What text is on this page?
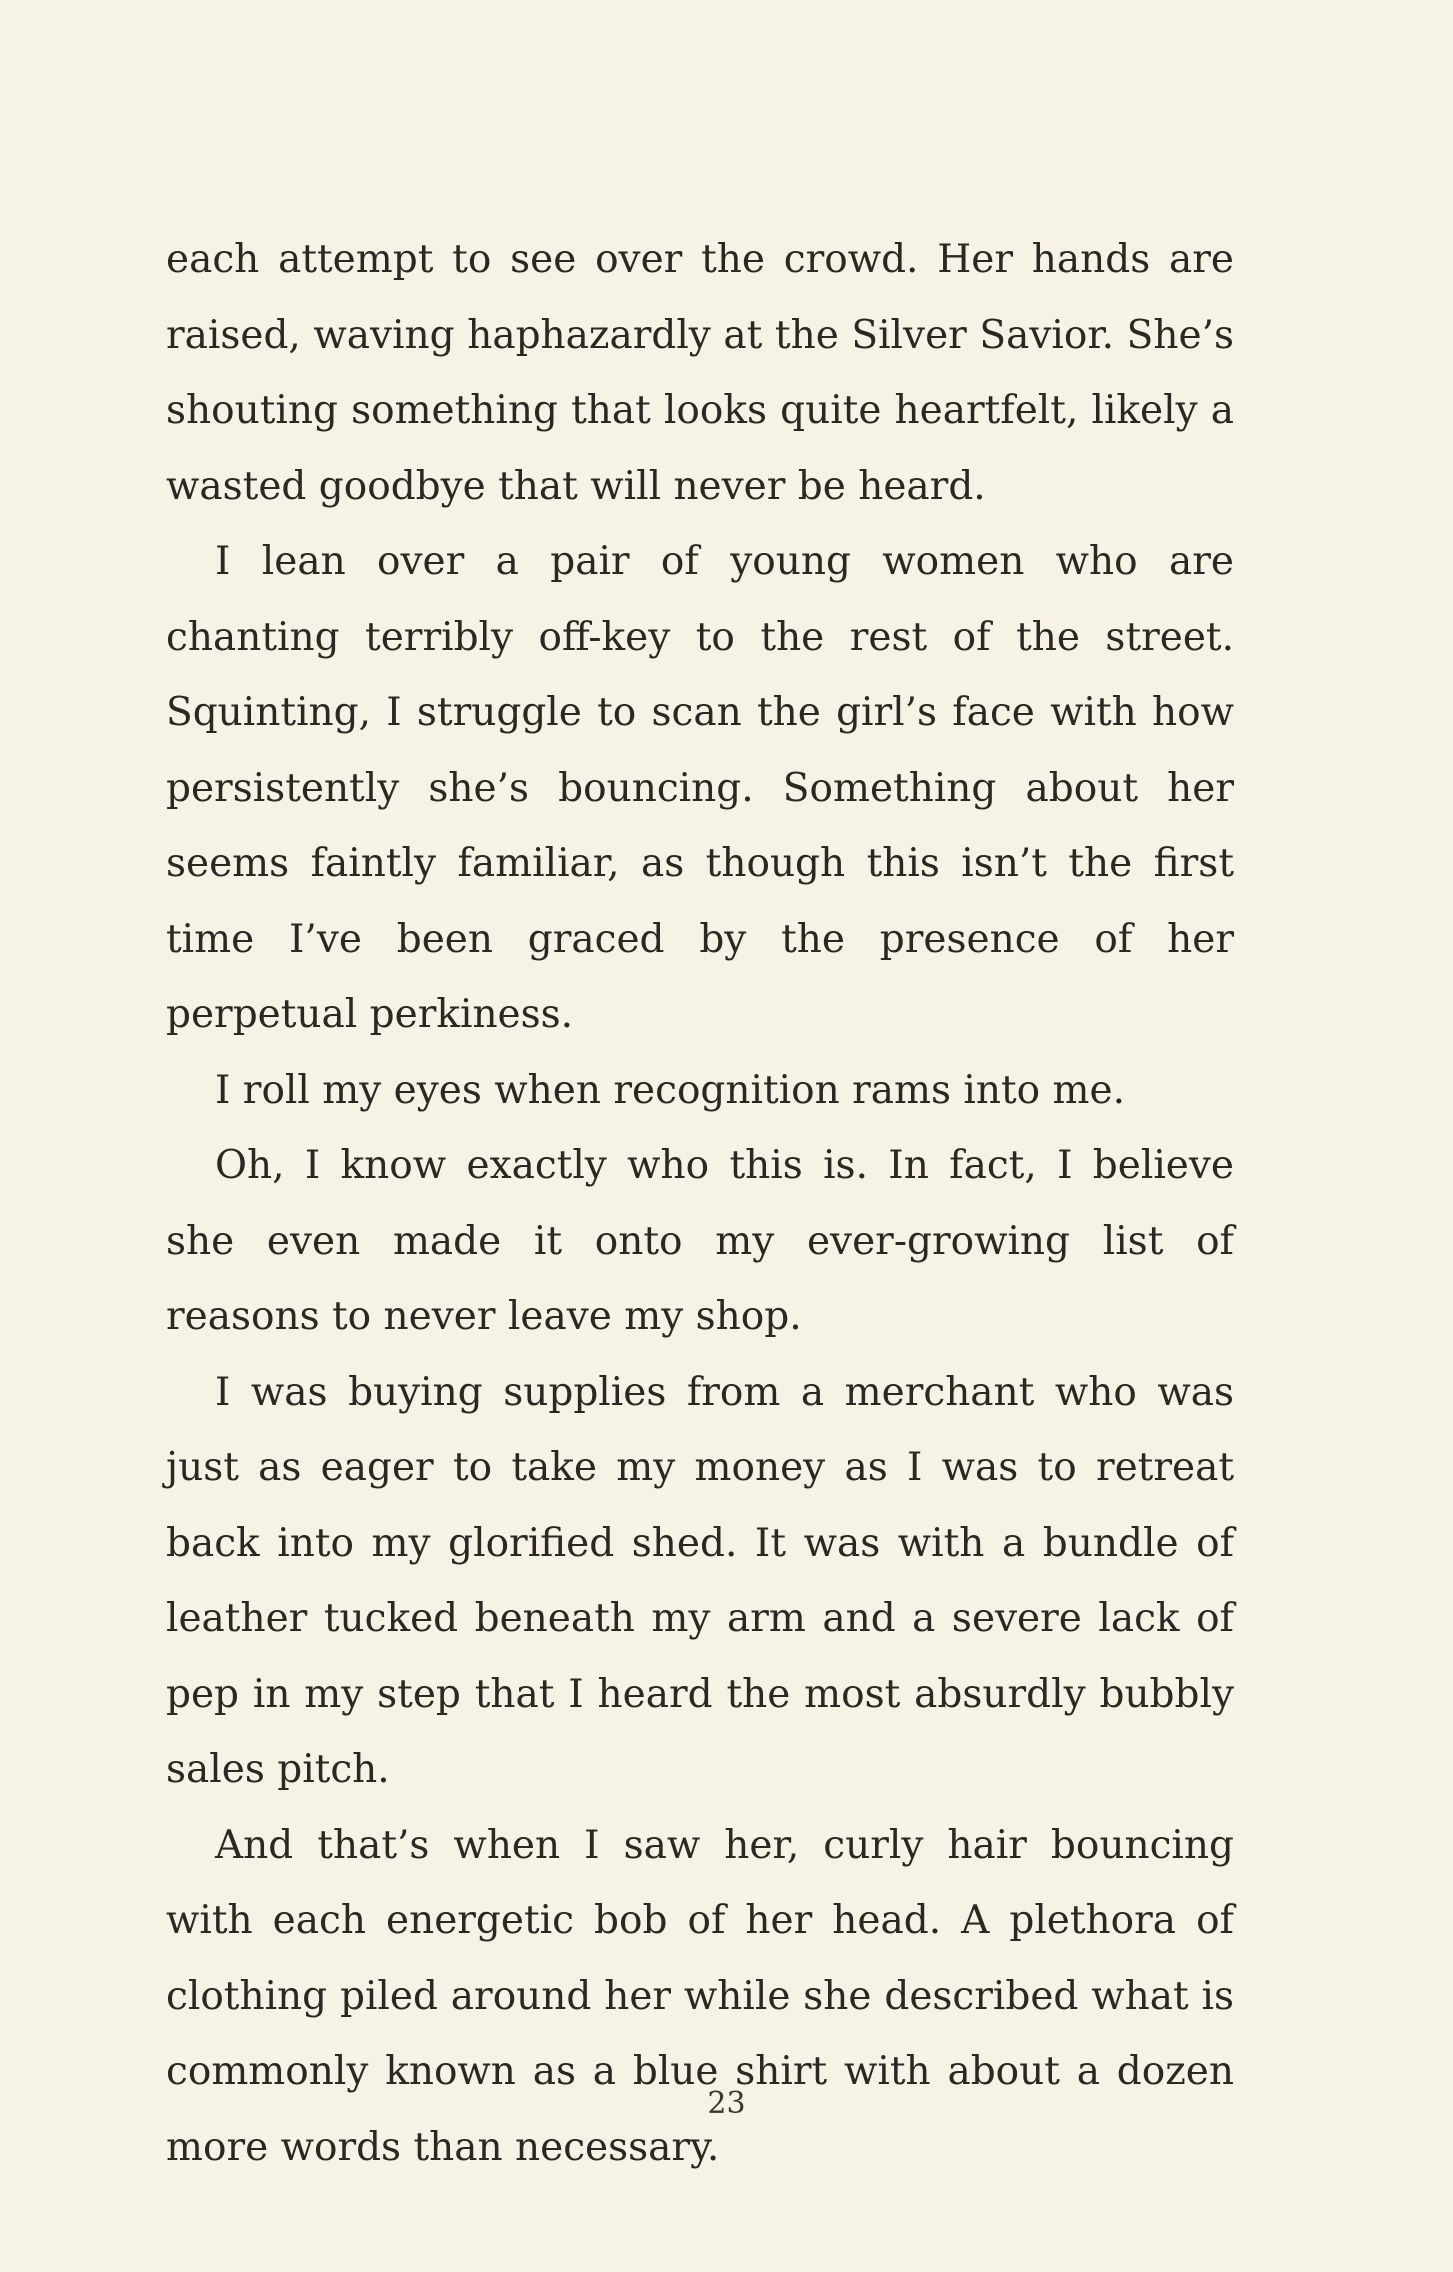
each attempt to see over the crowd. Her hands are raised, waving haphazardly at the Silver Savior. She’s shouting something that looks quite heartfelt, likely a wasted goodbye that will never be heard.

I lean over a pair of young women who are chanting terribly off-key to the rest of the street. Squinting, I struggle to scan the girl’s face with how persistently she’s bouncing. Something about her seems faintly familiar, as though this isn’t the first time I’ve been graced by the presence of her perpetual perkiness.

I roll my eyes when recognition rams into me.

Oh, I know exactly who this is. In fact, I believe she even made it onto my ever-growing list of reasons to never leave my shop.

I was buying supplies from a merchant who was just as eager to take my money as I was to retreat back into my glorified shed. It was with a bundle of leather tucked beneath my arm and a severe lack of pep in my step that I heard the most absurdly bubbly sales pitch.

And that’s when I saw her, curly hair bouncing with each energetic bob of her head. A plethora of clothing piled around her while she described what is commonly known as a blue shirt with about a dozen more words than necessary.

23
